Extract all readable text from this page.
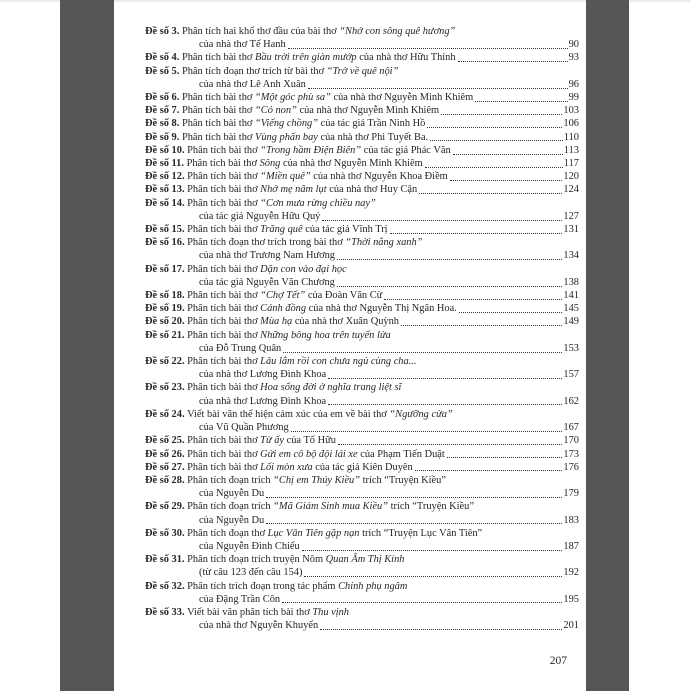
Đề số 3. Phân tích hai khổ thơ đầu của bài thơ “Nhớ con sông quê hương”
của nhà thơ Tế Hanh	90
Đề số 4. Phân tích bài thơ Bầu trời trên giàn mướp của nhà thơ Hữu Thỉnh	93
Đề số 5. Phân tích đoạn thơ trích từ bài thơ “Trở về quê nội”
của nhà thơ Lê Anh Xuân	96
Đề số 6. Phân tích bài thơ “Một góc phù sa” của nhà thơ Nguyễn Minh Khiêm	99
Đề số 7. Phân tích bài thơ “Cỏ non” của nhà thơ Nguyễn Minh Khiêm	103
Đề số 8. Phân tích bài thơ “Viếng chồng” của tác giả Trần Ninh Hồ	106
Đề số 9. Phân tích bài thơ Vùng phấn bay của nhà thơ Phi Tuyết Ba.	110
Đề số 10. Phân tích bài thơ “Trong hầm Điện Biên” của tác giả Phác Văn	113
Đề số 11. Phân tích bài thơ Sông của nhà thơ Nguyễn Minh Khiêm	117
Đề số 12. Phân tích bài thơ “Miền quê” của nhà thơ Nguyễn Khoa Điềm	120
Đề số 13. Phân tích bài thơ Nhớ mẹ năm lụt của nhà thơ Huy Cận	124
Đề số 14. Phân tích bài thơ “Cơn mưa rừng chiều nay”
của tác giả Nguyễn Hữu Quý	127
Đề số 15. Phân tích bài thơ Trăng quê của tác giả Vĩnh Trị	131
Đề số 16. Phân tích đoạn thơ trích trong bài thơ “Thời nắng xanh”
của nhà thơ Trương Nam Hương	134
Đề số 17. Phân tích bài thơ Dặn con vào đại học
của tác giả Nguyễn Văn Chương	138
Đề số 18. Phân tích bài thơ “Chợ Tết” của Đoàn Văn Cừ	141
Đề số 19. Phân tích bài thơ Cánh đồng của nhà thơ Nguyễn Thị Ngân Hoa.	145
Đề số 20. Phân tích bài thơ Mùa hạ của nhà thơ Xuân Quỳnh	149
Đề số 21. Phân tích bài thơ Những bông hoa trên tuyến lửa
của Đỗ Trung Quân	153
Đề số 22. Phân tích bài thơ Lâu lắm rồi con chưa ngủ cùng cha...
của nhà thơ Lương Đình Khoa	157
Đề số 23. Phân tích bài thơ Hoa sống đời ở nghĩa trang liệt sĩ
của nhà thơ Lương Đình Khoa	162
Đề số 24. Viết bài văn thể hiện cảm xúc của em về bài thơ “Ngưỡng cửa”
của Vũ Quần Phương	167
Đề số 25. Phân tích bài thơ Từ ấy của Tố Hữu	170
Đề số 26. Phân tích bài thơ Gửi em cô bộ đội lái xe của Phạm Tiến Duật	173
Đề số 27. Phân tích bài thơ Lối mòn xưa của tác giả Kiên Duyên	176
Đề số 28. Phân tích đoạn trích “Chị em Thúy Kiều” trích “Truyện Kiều”
của Nguyễn Du	179
Đề số 29. Phân tích đoạn trích “Mã Giám Sinh mua Kiều” trích “Truyện Kiều”
của Nguyễn Du	183
Đề số 30. Phân tích đoạn thơ Lục Vân Tiên gặp nạn trích “Truyện Lục Vân Tiên”
của Nguyễn Đình Chiểu	187
Đề số 31. Phân tích đoạn trích truyện Nôm Quan Âm Thị Kính
(từ câu 123 đến câu 154)	192
Đề số 32. Phân tích trích đoạn trong tác phẩm Chinh phụ ngâm
của Đặng Trần Côn	195
Đề số 33. Viết bài văn phân tích bài thơ Thu vịnh
của nhà thơ Nguyễn Khuyến	201
207
